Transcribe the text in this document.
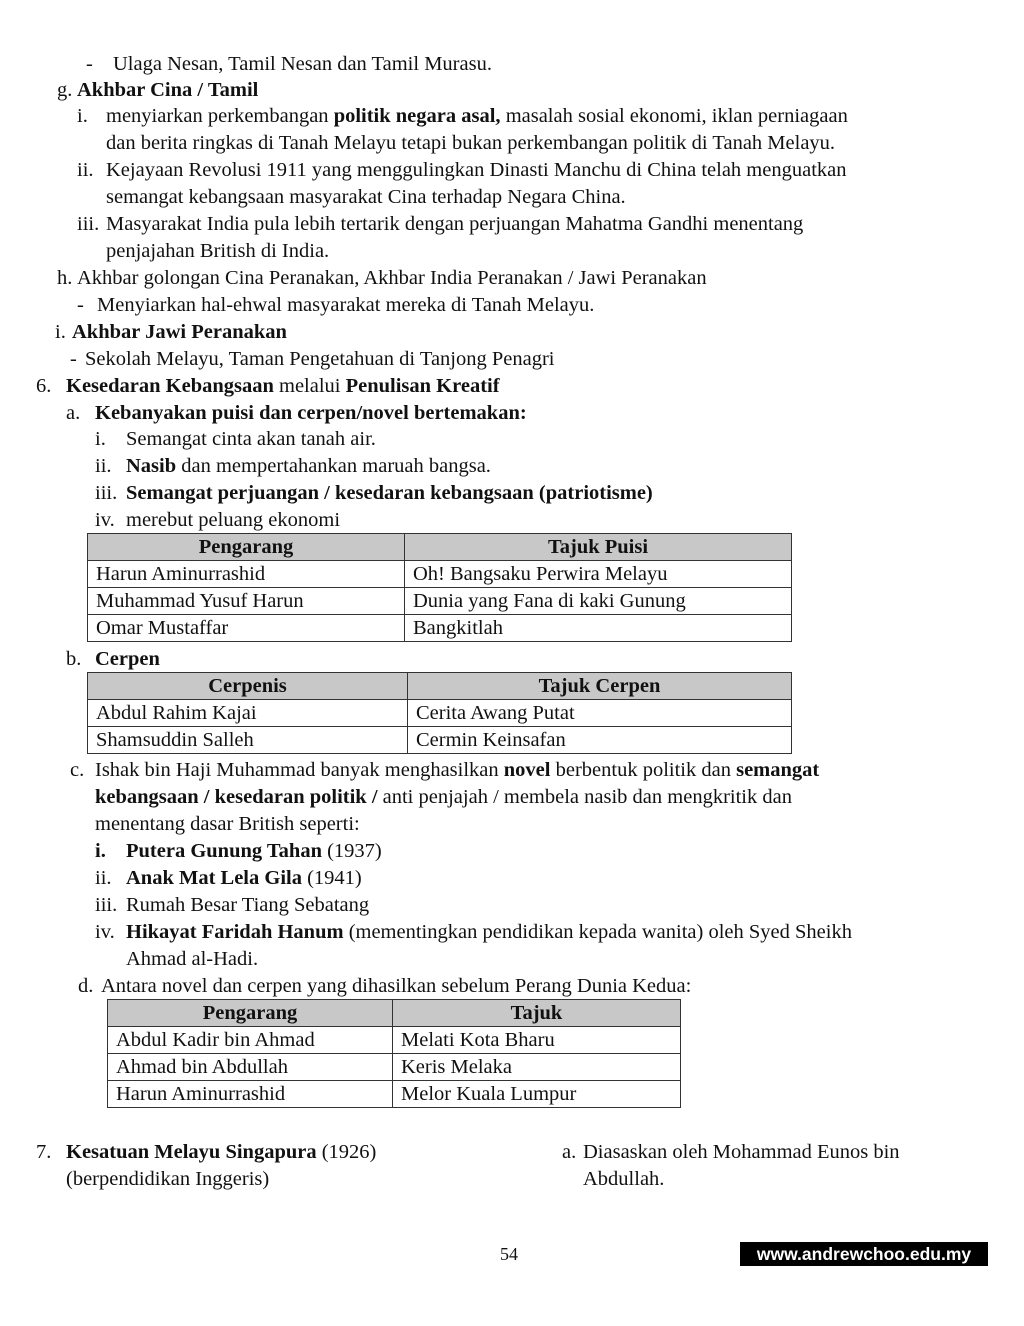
- Ulaga Nesan, Tamil Nesan dan Tamil Murasu.
g. Akhbar Cina / Tamil
i. menyiarkan perkembangan politik negara asal, masalah sosial ekonomi, iklan perniagaan
dan berita ringkas di Tanah Melayu tetapi bukan perkembangan politik di Tanah Melayu.
ii. Kejayaan Revolusi 1911 yang menggulingkan Dinasti Manchu di China telah menguatkan
semangat kebangsaan masyarakat Cina terhadap Negara China.
iii. Masyarakat India pula lebih tertarik dengan perjuangan Mahatma Gandhi menentang
penjajahan British di India.
h. Akhbar golongan Cina Peranakan, Akhbar India Peranakan / Jawi Peranakan
- Menyiarkan hal-ehwal masyarakat mereka di Tanah Melayu.
i. Akhbar Jawi Peranakan
- Sekolah Melayu, Taman Pengetahuan di Tanjong Penagri
6. Kesedaran Kebangsaan melalui Penulisan Kreatif
a. Kebanyakan puisi dan cerpen/novel bertemakan:
i. Semangat cinta akan tanah air.
ii. Nasib dan mempertahankan maruah bangsa.
iii. Semangat perjuangan / kesedaran kebangsaan (patriotisme)
iv. merebut peluang ekonomi
Pengarang	Tajuk Puisi
Harun Aminurrashid	Oh! Bangsaku Perwira Melayu
Muhammad Yusuf Harun	Dunia yang Fana di kaki Gunung
Omar Mustaffar	Bangkitlah
b. Cerpen
Cerpenis	Tajuk Cerpen
Abdul Rahim Kajai	Cerita Awang Putat
Shamsuddin Salleh	Cermin Keinsafan
c. Ishak bin Haji Muhammad banyak menghasilkan novel berbentuk politik dan semangat
kebangsaan / kesedaran politik / anti penjajah / membela nasib dan mengkritik dan
menentang dasar British seperti:
i. Putera Gunung Tahan (1937)
ii. Anak Mat Lela Gila (1941)
iii. Rumah Besar Tiang Sebatang
iv. Hikayat Faridah Hanum (mementingkan pendidikan kepada wanita) oleh Syed Sheikh
Ahmad al-Hadi.
d. Antara novel dan cerpen yang dihasilkan sebelum Perang Dunia Kedua:
Pengarang	Tajuk
Abdul Kadir bin Ahmad	Melati Kota Bharu
Ahmad bin Abdullah	Keris Melaka
Harun Aminurrashid	Melor Kuala Lumpur
7. Kesatuan Melayu Singapura (1926)
(berpendidikan Inggeris)
a. Diasaskan oleh Mohammad Eunos bin
Abdullah.
54	www.andrewchoo.edu.my
